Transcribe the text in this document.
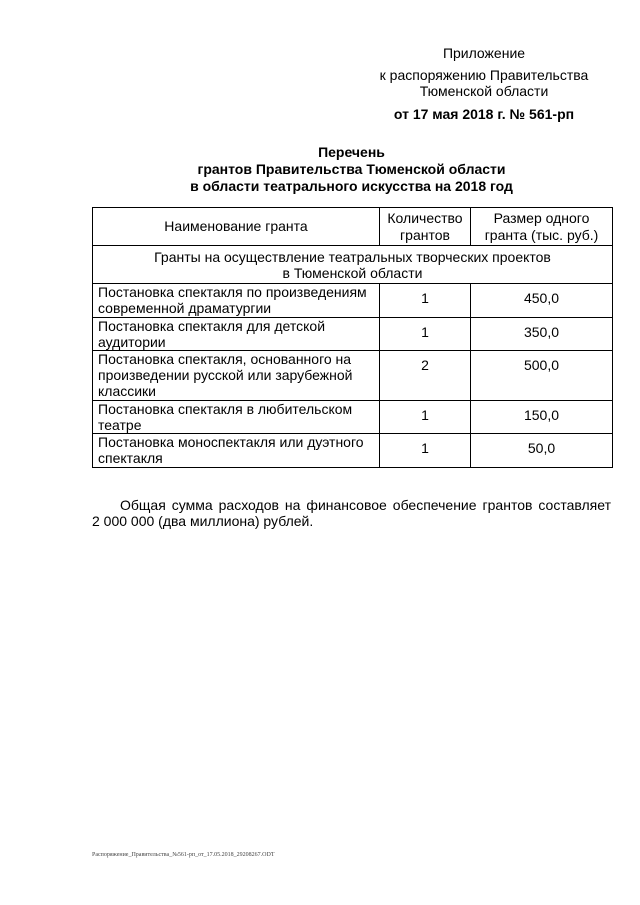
Приложение
к распоряжению Правительства
Тюменской области
от 17 мая 2018 г. № 561-рп
Перечень
грантов Правительства Тюменской области
в области театрального искусства на 2018 год
Наименование гранта	Количество грантов	Размер одного гранта (тыс. руб.)

Гранты на осуществление театральных творческих проектов
в Тюменской области		

Постановка спектакля по произведениям современной драматургии	1	450,0
Постановка спектакля для детской аудитории	1	350,0
Постановка спектакля, основанного на произведении русской или зарубежной классики	2	500,0
Постановка спектакля в любительском театре	1	150,0
Постановка моноспектакля или дуэтного спектакля	1	50,0
Общая сумма расходов на финансовое обеспечение грантов составляет 2 000 000 (два миллиона) рублей.
Распоряжение_Правительства_№561-рп_от_17.05.2018_29208267.ODT
